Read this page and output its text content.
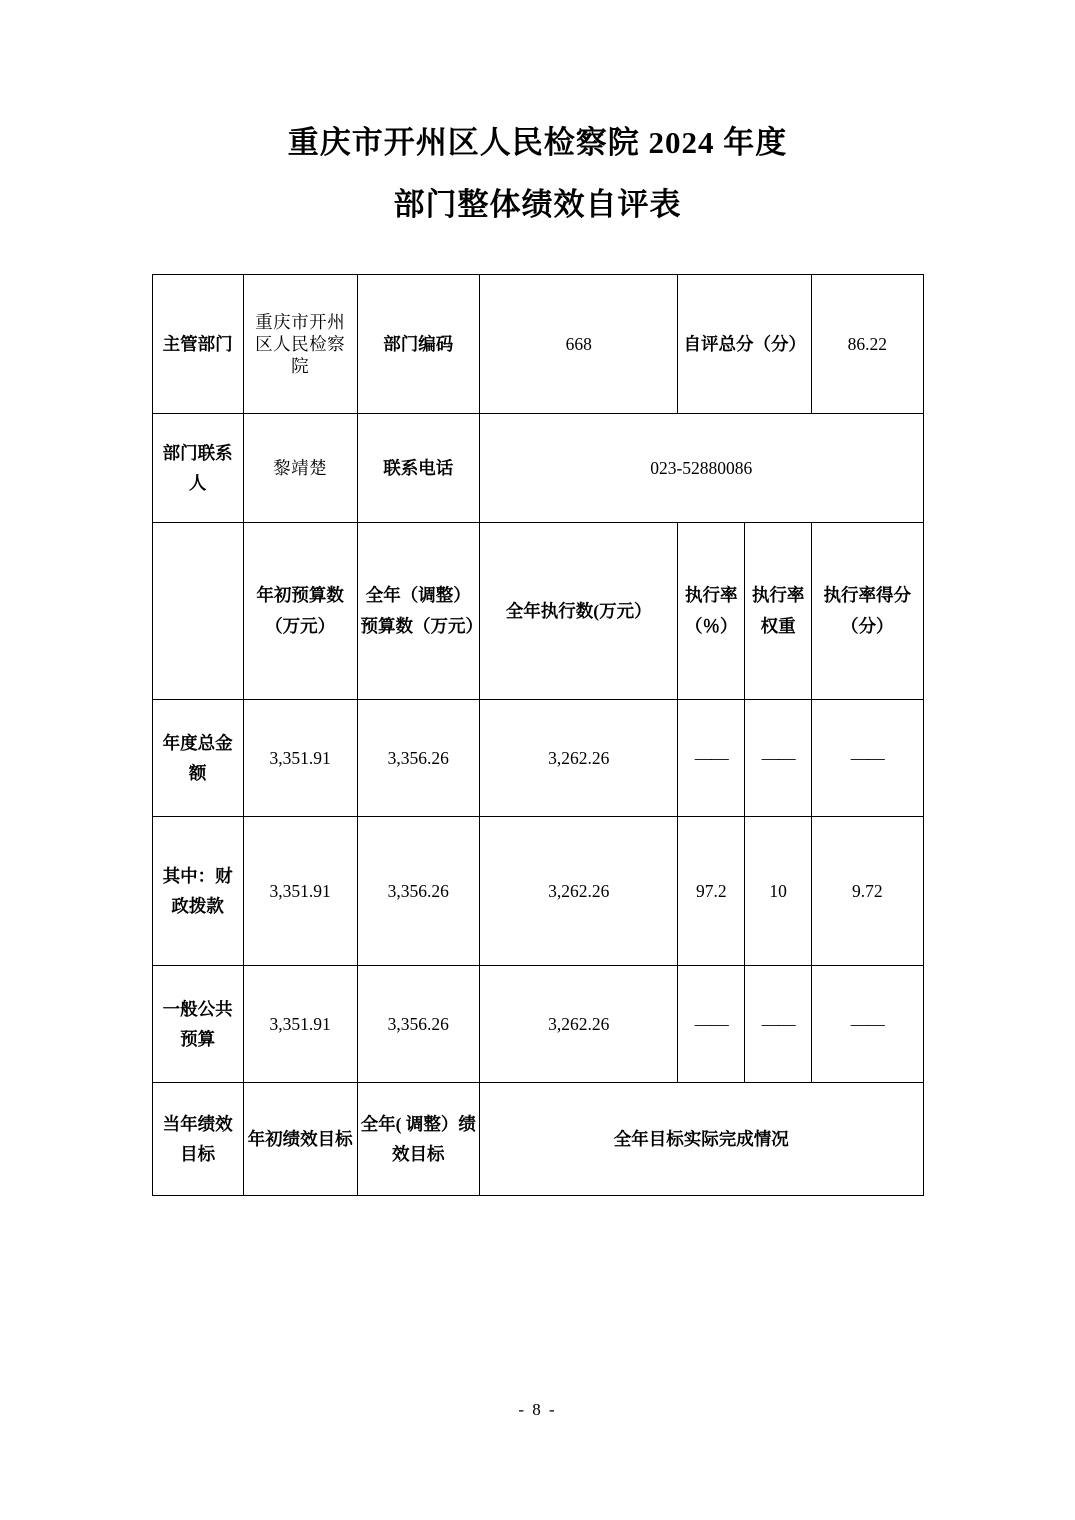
重庆市开州区人民检察院 2024 年度
部门整体绩效自评表
主管部门	重庆市开州区人民检察院	部门编码	668	自评总分（分）		86.22
部门联系人	黎靖楚	联系电话	023-52880086			
	年初预算数（万元）	全年（调整）预算数（万元）	全年执行数(万元）	执行率（％）	执行率权重	执行率得分 （分）
年度总金额	3,351.91	3,356.26	3,262.26	——	——	——
其中：财政拨款	3,351.91	3,356.26	3,262.26	97.2	10	9.72
一般公共预算	3,351.91	3,356.26	3,262.26	——	——	——
当年绩效目标	年初绩效目标	全年( 调整）绩效目标	全年目标实际完成情况			
- 8 -
